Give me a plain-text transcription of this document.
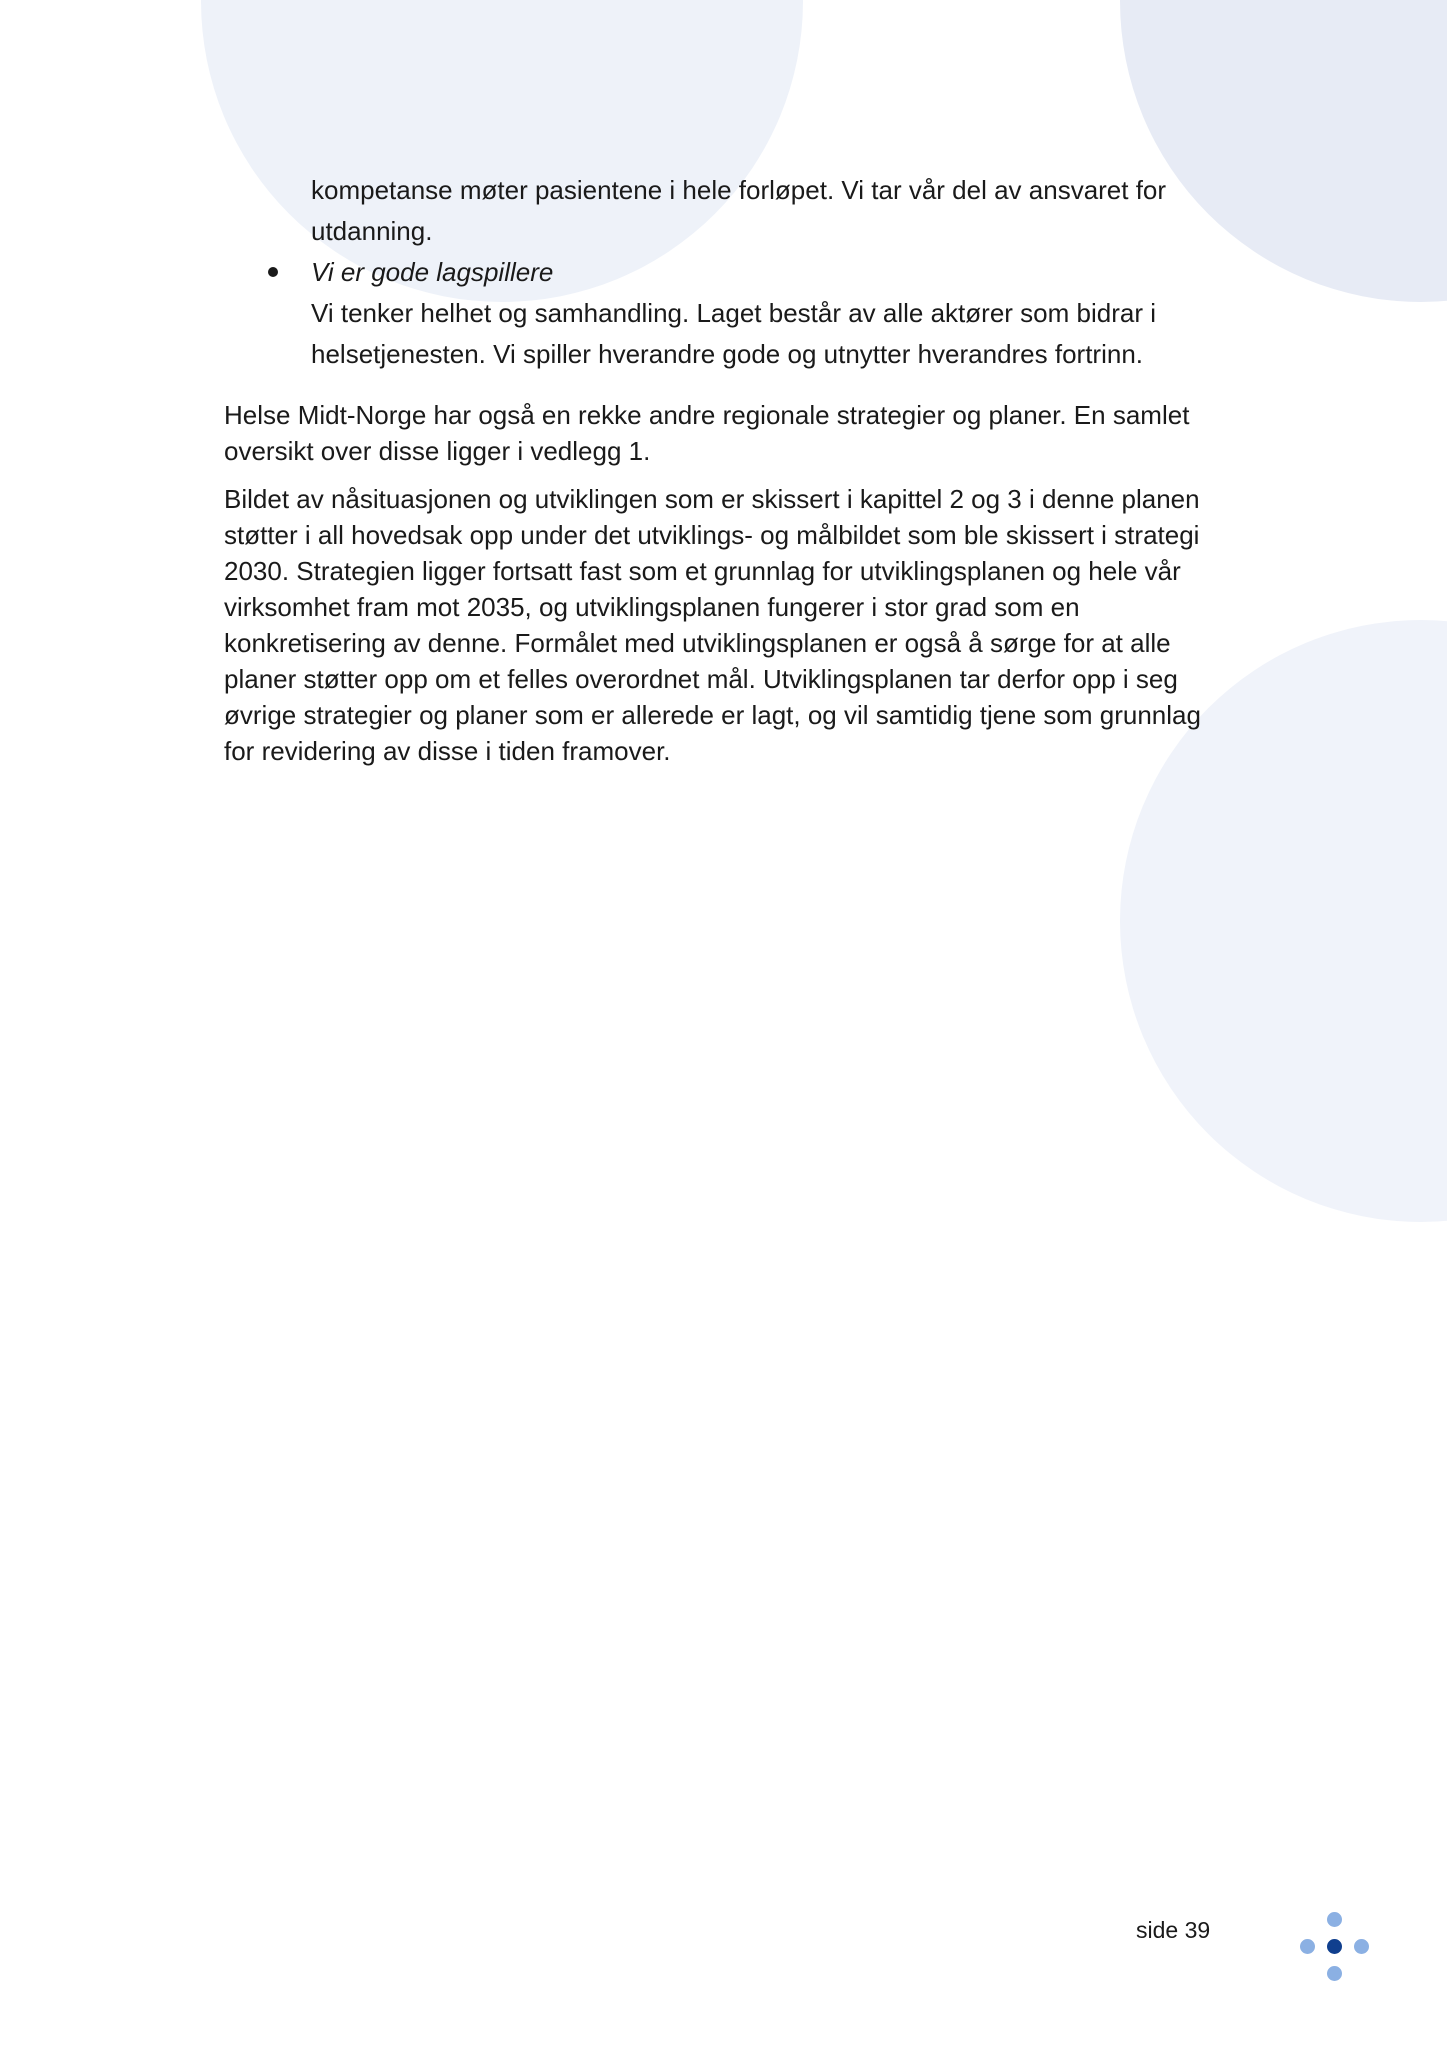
kompetanse møter pasientene i hele forløpet. Vi tar vår del av ansvaret for utdanning.
Vi er gode lagspillere
Vi tenker helhet og samhandling. Laget består av alle aktører som bidrar i helsetjenesten. Vi spiller hverandre gode og utnytter hverandres fortrinn.

Helse Midt-Norge har også en rekke andre regionale strategier og planer. En samlet oversikt over disse ligger i vedlegg 1.

Bildet av nåsituasjonen og utviklingen som er skissert i kapittel 2 og 3 i denne planen støtter i all hovedsak opp under det utviklings- og målbildet som ble skissert i strategi 2030. Strategien ligger fortsatt fast som et grunnlag for utviklingsplanen og hele vår virksomhet fram mot 2035, og utviklingsplanen fungerer i stor grad som en konkretisering av denne. Formålet med utviklingsplanen er også å sørge for at alle planer støtter opp om et felles overordnet mål. Utviklingsplanen tar derfor opp i seg øvrige strategier og planer som er allerede er lagt, og vil samtidig tjene som grunnlag for revidering av disse i tiden framover.

side 39
